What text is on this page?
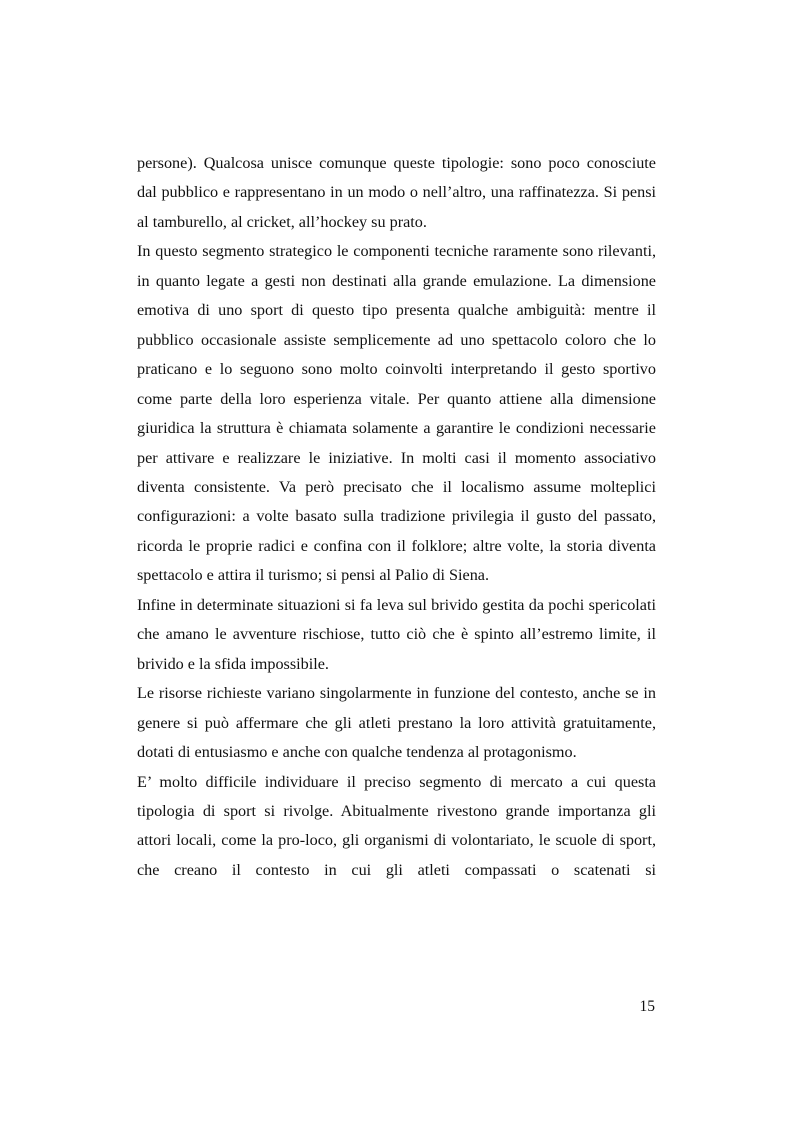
persone). Qualcosa unisce comunque queste tipologie: sono poco conosciute dal pubblico e rappresentano in un modo o nell’altro, una raffinatezza. Si pensi al tamburello, al cricket, all’hockey su prato.

In questo segmento strategico le componenti tecniche raramente sono rilevanti, in quanto legate a gesti non destinati alla grande emulazione. La dimensione emotiva di uno sport di questo tipo presenta qualche ambiguità: mentre il pubblico occasionale assiste semplicemente ad uno spettacolo coloro che lo praticano e lo seguono sono molto coinvolti interpretando il gesto sportivo come parte della loro esperienza vitale. Per quanto attiene alla dimensione giuridica la struttura è chiamata solamente a garantire le condizioni necessarie per attivare e realizzare le iniziative. In molti casi il momento associativo diventa consistente. Va però precisato che il localismo assume molteplici configurazioni: a volte basato sulla tradizione privilegia il gusto del passato, ricorda le proprie radici e confina con il folklore; altre volte, la storia diventa spettacolo e attira il turismo; si pensi al Palio di Siena.

Infine in determinate situazioni si fa leva sul brivido gestita da pochi spericolati che amano le avventure rischiose, tutto ciò che è spinto all’estremo limite, il brivido e la sfida impossibile.

Le risorse richieste variano singolarmente in funzione del contesto, anche se in genere si può affermare che gli atleti prestano la loro attività gratuitamente, dotati di entusiasmo e anche con qualche tendenza al protagonismo.

E’ molto difficile individuare il preciso segmento di mercato a cui questa tipologia di sport si rivolge. Abitualmente rivestono grande importanza gli attori locali, come la pro-loco, gli organismi di volontariato, le scuole di sport, che creano il contesto in cui gli atleti compassati o scatenati si

15
